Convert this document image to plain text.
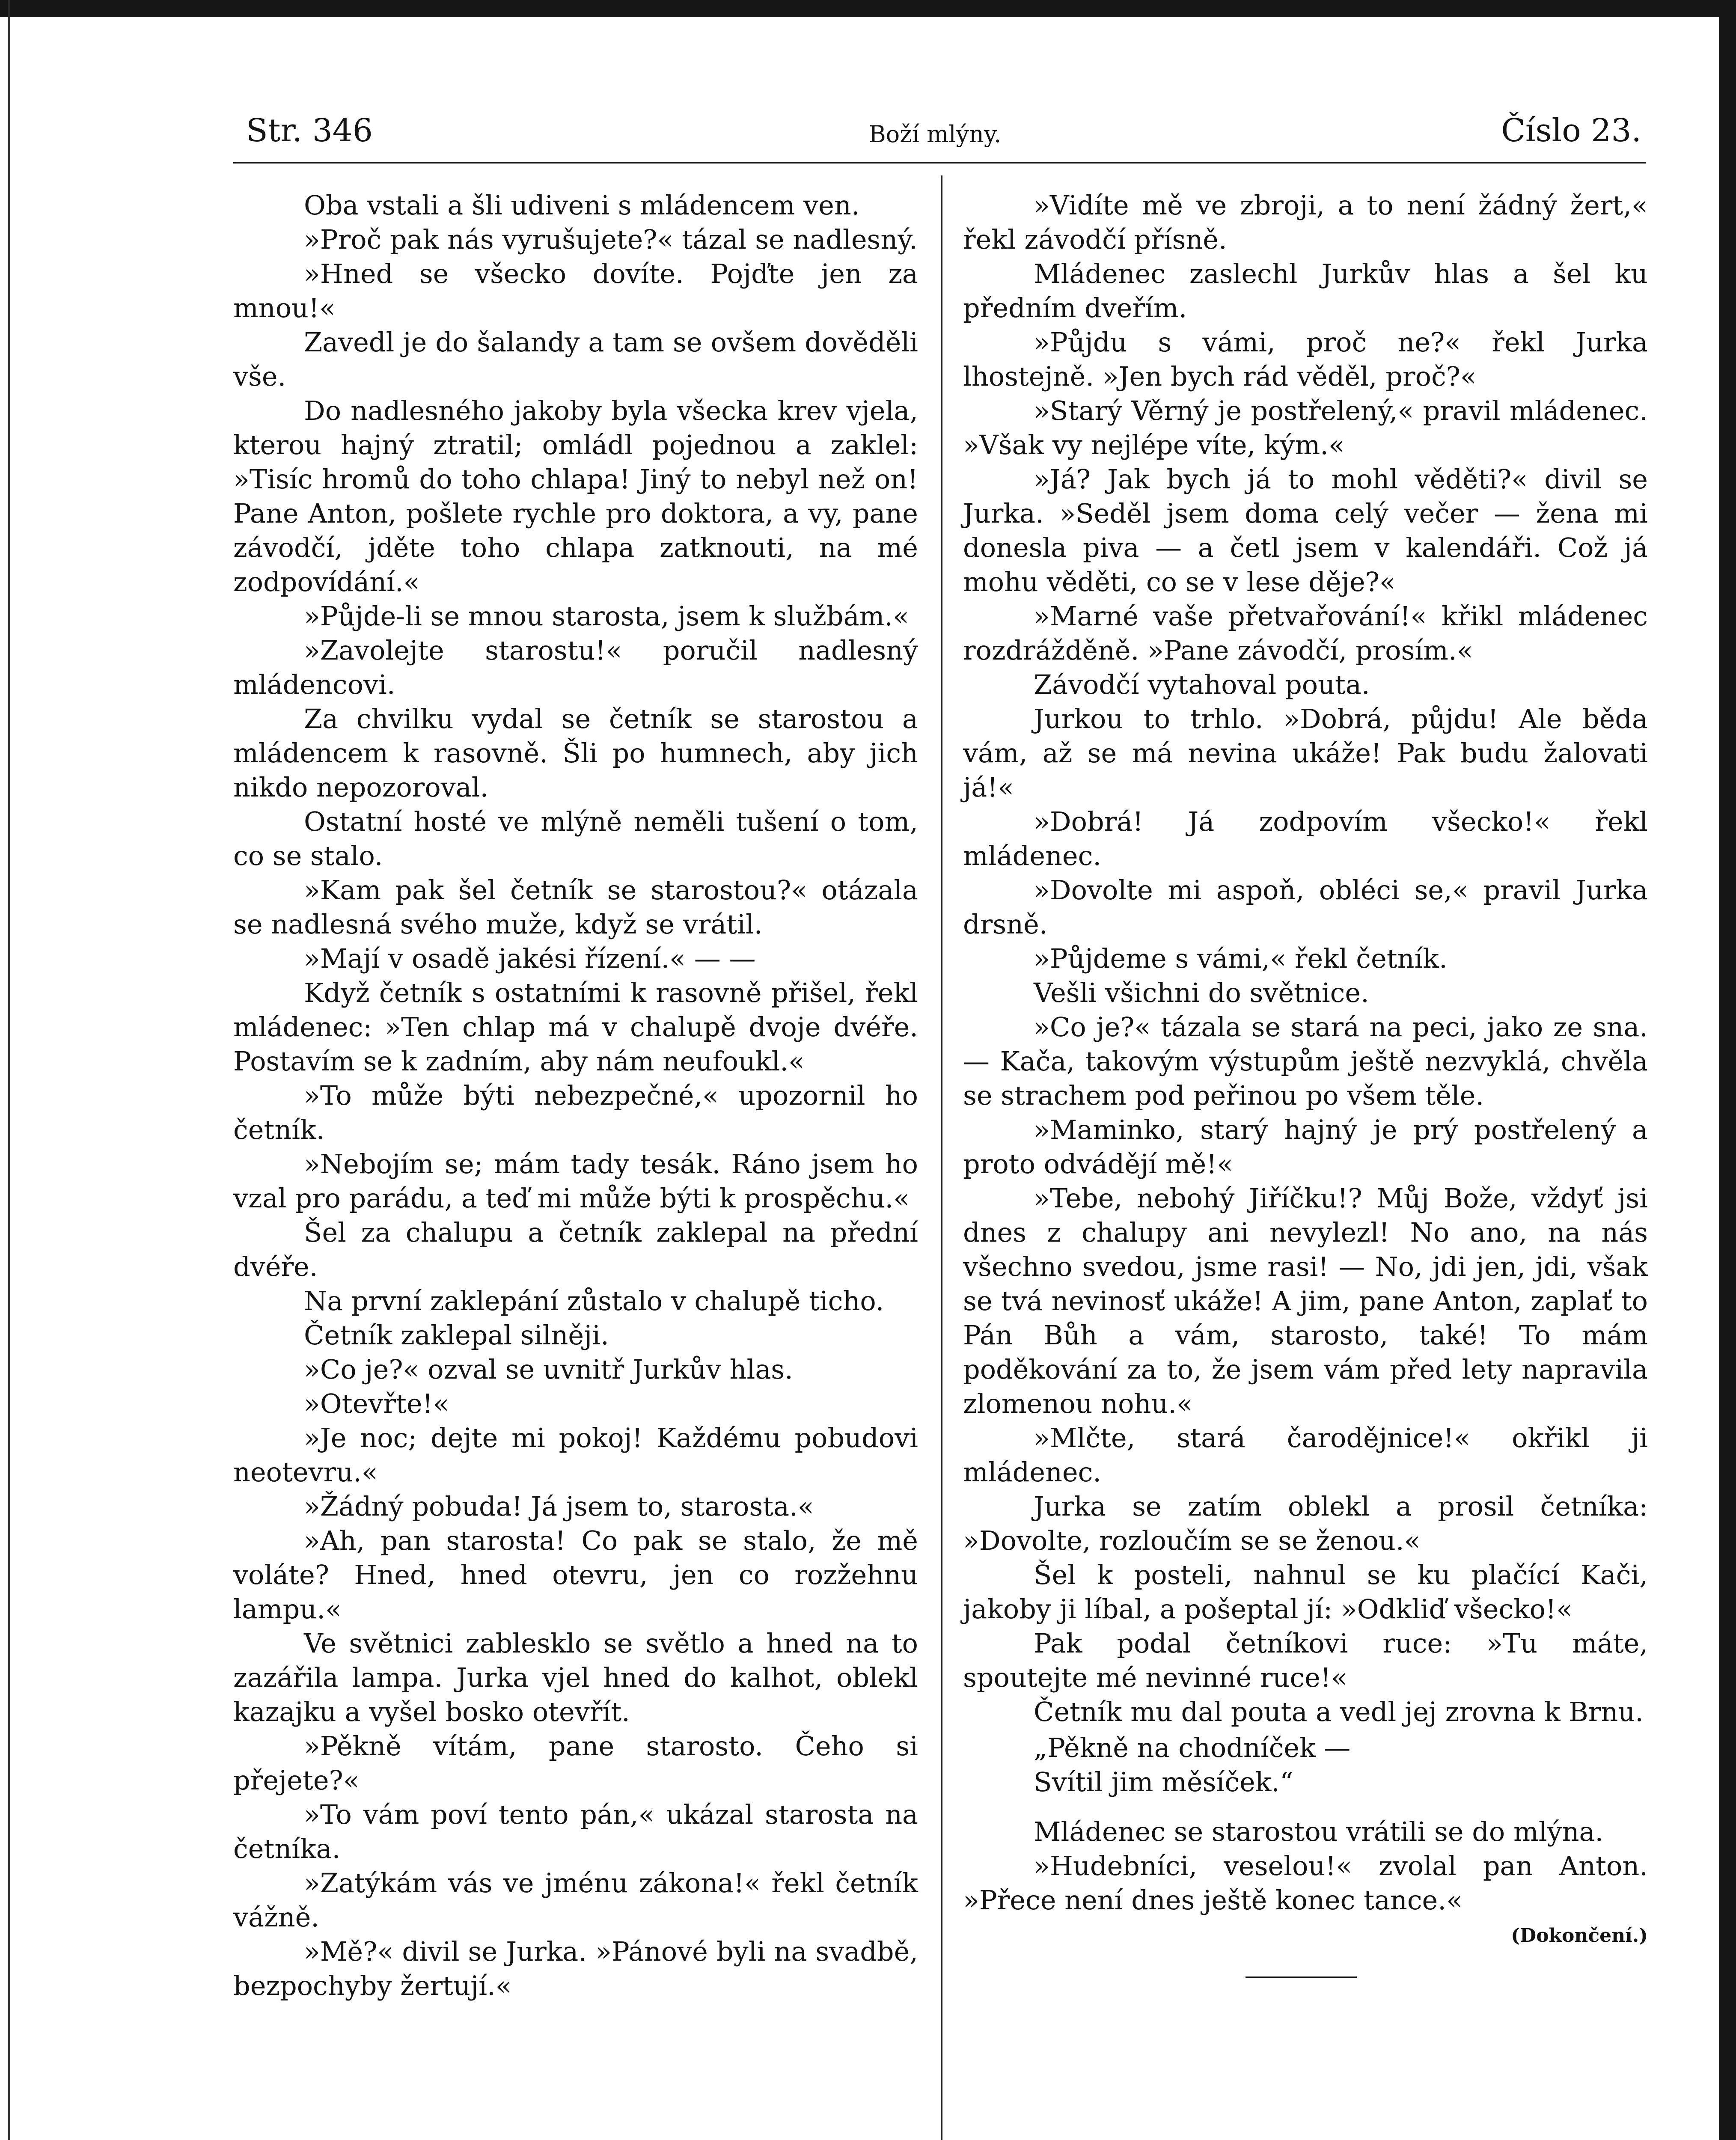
Str. 346	Boží mlýny.	Číslo 23.

Oba vstali a šli udiveni s mládencem ven.

»Proč pak nás vyrušujete?« tázal se nadlesný.

»Hned se všecko dovíte. Pojďte jen za mnou!«

Zavedl je do šalandy a tam se ovšem dověděli vše.

Do nadlesného jakoby byla všecka krev vjela, kterou hajný ztratil; omládl pojednou a zaklel: »Tisíc hromů do toho chlapa! Jiný to nebyl než on! Pane Anton, pošlete rychle pro doktora, a vy, pane závodčí, jděte toho chlapa zatknouti, na mé zodpovídání.«

»Půjde-li se mnou starosta, jsem k službám.«

»Zavolejte starostu!« poručil nadlesný mládencovi.

Za chvilku vydal se četník se starostou a mládencem k rasovně. Šli po humnech, aby jich nikdo nepozoroval.

Ostatní hosté ve mlýně neměli tušení o tom, co se stalo.

»Kam pak šel četník se starostou?« otázala se nadlesná svého muže, když se vrátil.

»Mají v osadě jakési řízení.« — —

Když četník s ostatními k rasovně přišel, řekl mládenec: »Ten chlap má v chalupě dvoje dvéře. Postavím se k zadním, aby nám neufoukl.«

»To může býti nebezpečné,« upozornil ho četník.

»Nebojím se; mám tady tesák. Ráno jsem ho vzal pro parádu, a teď mi může býti k prospěchu.«

Šel za chalupu a četník zaklepal na přední dvéře.

Na první zaklepání zůstalo v chalupě ticho.

Četník zaklepal silněji.

»Co je?« ozval se uvnitř Jurkův hlas.

»Otevřte!«

»Je noc; dejte mi pokoj! Každému pobudovi neotevru.«

»Žádný pobuda! Já jsem to, starosta.«

»Ah, pan starosta! Co pak se stalo, že mě voláte? Hned, hned otevru, jen co rozžehnu lampu.«

Ve světnici zablesklo se světlo a hned na to zazářila lampa. Jurka vjel hned do kalhot, oblekl kazajku a vyšel bosko otevřít.

»Pěkně vítám, pane starosto. Čeho si přejete?«

»To vám poví tento pán,« ukázal starosta na četníka.

»Zatýkám vás ve jménu zákona!« řekl četník vážně.

»Mě?« divil se Jurka. »Pánové byli na svadbě, bezpochyby žertují.«

»Vidíte mě ve zbroji, a to není žádný žert,« řekl závodčí přísně.

Mládenec zaslechl Jurkův hlas a šel ku předním dveřím.

»Půjdu s vámi, proč ne?« řekl Jurka lhostejně. »Jen bych rád věděl, proč?«

»Starý Věrný je postřelený,« pravil mládenec. »Však vy nejlépe víte, kým.«

»Já? Jak bych já to mohl věděti?« divil se Jurka. »Seděl jsem doma celý večer — žena mi donesla piva — a četl jsem v kalendáři. Což já mohu věděti, co se v lese děje?«

»Marné vaše přetvařování!« křikl mládenec rozdrážděně. »Pane závodčí, prosím.«

Závodčí vytahoval pouta.

Jurkou to trhlo. »Dobrá, půjdu! Ale běda vám, až se má nevina ukáže! Pak budu žalovati já!«

»Dobrá! Já zodpovím všecko!« řekl mládenec.

»Dovolte mi aspoň, obléci se,« pravil Jurka drsně.

»Půjdeme s vámi,« řekl četník.

Vešli všichni do světnice.

»Co je?« tázala se stará na peci, jako ze sna. — Kača, takovým výstupům ještě nezvyklá, chvěla se strachem pod peřinou po všem těle.

»Maminko, starý hajný je prý postřelený a proto odvádějí mě!«

»Tebe, nebohý Jiříčku!? Můj Bože, vždyť jsi dnes z chalupy ani nevylezl! No ano, na nás všechno svedou, jsme rasi! — No, jdi jen, jdi, však se tvá nevinosť ukáže! A jim, pane Anton, zaplať to Pán Bůh a vám, starosto, také! To mám poděkování za to, že jsem vám před lety napravila zlomenou nohu.«

»Mlčte, stará čarodějnice!« okřikl ji mládenec.

Jurka se zatím oblekl a prosil četníka: »Dovolte, rozloučím se se ženou.«

Šel k posteli, nahnul se ku plačící Kači, jakoby ji líbal, a pošeptal jí: »Odkliď všecko!«

Pak podal četníkovi ruce: »Tu máte, spoutejte mé nevinné ruce!«

Četník mu dal pouta a vedl jej zrovna k Brnu.

„Pěkně na chodníček —

Svítil jim měsíček.“

Mládenec se starostou vrátili se do mlýna.

»Hudebníci, veselou!« zvolal pan Anton. »Přece není dnes ještě konec tance.«

(Dokončení.)
